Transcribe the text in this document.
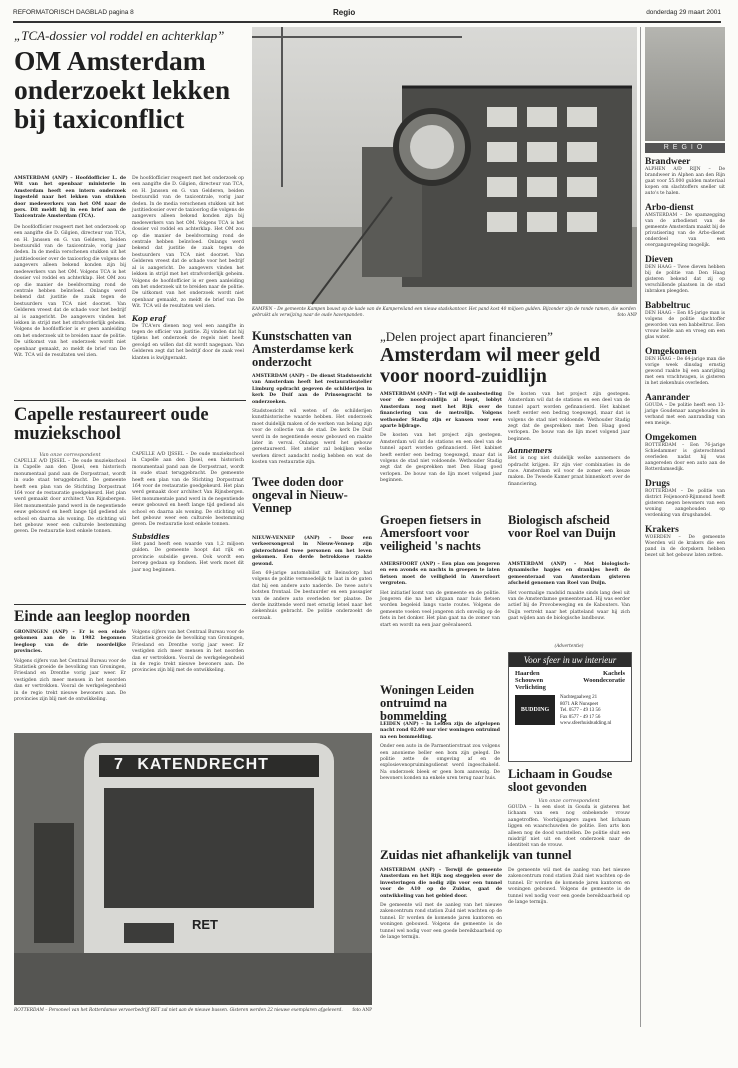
REFORMATORISCH DAGBLAD pagina 8	Regio	donderdag 29 maart 2001
„TCA-dossier vol roddel en achterklap”
OM Amsterdam onderzoekt lekken bij taxiconflict
AMSTERDAM (ANP) – Hoofdofficier L. de Wit van het openbaar ministerie in Amsterdam heeft een intern onderzoek ingesteld naar het lekken van stukken door medewerkers van het OM naar de pers. Dit meldt hij in een brief aan de Taxicentrale Amsterdam (TCA).
De hoofdofficier reageert met het onderzoek op een aangifte die D. Gilgien, directeur van TCA, en H. Janssen en G. van Gelderen, beiden bestuurslid van de taxicentrale, vorig jaar deden. In de media verschenen stukken uit het justitiedossier over de taxioorlog die volgens de aangevers alleen bekend konden zijn bij medewerkers van het OM. Volgens TCA is het dossier vol roddel en achterklap. Het OM zou op die manier de beeldvorming rond de centrale hebben beïnvloed. Onlangs werd bekend dat justitie de zaak tegen de bestuurders van TCA niet doorzet. Van Gelderen vreest dat de schade voor het bedrijf al is aangericht. De aangevers vinden het lekken in strijd met het strafvorderlijk geheim. Volgens de hoofdofficier is er geen aanleiding om het onderzoek uit te breiden naar de politie. De uitkomst van het onderzoek wordt niet openbaar gemaakt, zo meldt de brief van De Wit. TCA wil de resultaten wel zien.
De hoofdofficier reageert met het onderzoek op een aangifte die D. Gilgien, directeur van TCA, en H. Janssen en G. van Gelderen, beiden bestuurslid van de taxicentrale, vorig jaar deden. In de media verschenen stukken uit het justitiedossier over de taxioorlog die volgens de aangevers alleen bekend konden zijn bij medewerkers van het OM. Volgens TCA is het dossier vol roddel en achterklap. Het OM zou op die manier de beeldvorming rond de centrale hebben beïnvloed. Onlangs werd bekend dat justitie de zaak tegen de bestuurders van TCA niet doorzet. Van Gelderen vreest dat de schade voor het bedrijf al is aangericht. De aangevers vinden het lekken in strijd met het strafvorderlijk geheim. Volgens de hoofdofficier is er geen aanleiding om het onderzoek uit te breiden naar de politie. De uitkomst van het onderzoek wordt niet openbaar gemaakt, zo meldt de brief van De Wit. TCA wil de resultaten wel zien.
Kop eraf
De TCA'ers dienen nog wel een aangifte in tegen de officier van justitie. Zij vinden dat hij tijdens het onderzoek de regels niet heeft gevolgd en willen dat dit wordt nagegaan. Van Gelderen zegt dat het bedrijf door de zaak veel klanten is kwijtgeraakt.
KAMPEN – De gemeente Kampen bouwt op de kade van de Kampereiland een nieuw stadskantoor. Het pand kost 40 miljoen gulden. Bijzonder zijn de ronde ramen, die worden gebruikt als verwijzing naar de oude havenpanden.	foto ANP
Kunstschatten van Amsterdamse kerk onderzocht
AMSTERDAM (ANP) – De dienst Stadstoezicht van Amsterdam heeft het restauratieatelier Limburg opdracht gegeven de schilderijen in kerk De Duif aan de Prinsengracht te onderzoeken.
Stadstoezicht wil weten of de schilderijen kunsthistorische waarde hebben. Het onderzoek moet duidelijk maken of de werken van belang zijn voor de collectie van de stad. De kerk De Duif werd in de negentiende eeuw gebouwd en raakte later in verval. Onlangs werd het gebouw gerestaureerd. Het atelier zal bekijken welke werken direct aandacht nodig hebben en wat de kosten van restauratie zijn.
Capelle restaureert oude muziekschool
Van onze correspondent
CAPELLE A/D IJSSEL – De oude muziekschool in Capelle aan den IJssel, een historisch monumentaal pand aan de Dorpsstraat, wordt in oude staat teruggebracht. De gemeente heeft een plan van de Stichting Dorpsstraat 164 voor de restauratie goedgekeurd. Het plan werd gemaakt door architect Van Rijnsbergen. Het monumentale pand werd in de negentiende eeuw gebouwd en heeft lange tijd gediend als school en daarna als woning. De stichting wil het gebouw weer een culturele bestemming geven. De restauratie kost enkele tonnen.
CAPELLE A/D IJSSEL – De oude muziekschool in Capelle aan den IJssel, een historisch monumentaal pand aan de Dorpsstraat, wordt in oude staat teruggebracht. De gemeente heeft een plan van de Stichting Dorpsstraat 164 voor de restauratie goedgekeurd. Het plan werd gemaakt door architect Van Rijnsbergen. Het monumentale pand werd in de negentiende eeuw gebouwd en heeft lange tijd gediend als school en daarna als woning. De stichting wil het gebouw weer een culturele bestemming geven. De restauratie kost enkele tonnen.
Subsidies
Het pand heeft een waarde van 1,2 miljoen gulden. De gemeente hoopt dat rijk en provincie subsidie geven. Ook wordt een beroep gedaan op fondsen. Het werk moet dit jaar nog beginnen.
Twee doden door ongeval in Nieuw-Vennep
NIEUW-VENNEP (ANP) – Door een verkeersongeval in Nieuw-Vennep zijn gisterochtend twee personen om het leven gekomen. Een derde betrokkene raakte gewond.
Een 69-jarige automobilist uit Beinsdorp had volgens de politie vermoedelijk te laat in de gaten dat hij een andere auto naderde. De twee auto's botsten frontaal. De bestuurder en een passagier van de andere auto overleden ter plaatse. De derde inzittende werd met ernstig letsel naar het ziekenhuis gebracht. De politie onderzoekt de oorzaak.
Einde aan leeglop noorden
GRONINGEN (ANP) – Er is een einde gekomen aan de in 1982 begonnen leegloop van de drie noordelijke provincies.
Volgens cijfers van het Centraal Bureau voor de Statistiek groeide de bevolking van Groningen, Friesland en Drenthe vorig jaar weer. Er vestigden zich meer mensen in het noorden dan er vertrokken. Vooral de werkgelegenheid in de regio trekt nieuwe bewoners aan. De provincies zijn blij met de ontwikkeling.
Volgens cijfers van het Centraal Bureau voor de Statistiek groeide de bevolking van Groningen, Friesland en Drenthe vorig jaar weer. Er vestigden zich meer mensen in het noorden dan er vertrokken. Vooral de werkgelegenheid in de regio trekt nieuwe bewoners aan. De provincies zijn blij met de ontwikkeling.
7 KATENDRECHT
RET
ROTTERDAM – Personeel van het Rotterdamse vervoerbedrijf RET zal niet aan de nieuwe bussen. Gisteren werden 22 nieuwe exemplaren afgeleverd. foto ANP
„Delen project apart financieren”
Amsterdam wil meer geld voor noord-zuidlijn
AMSTERDAM (ANP) – Tot wijl de aanbesteding voor de noord-zuidlijn al loopt, lobbyt Amsterdam nog met het Rijk over de financiering van de metrolijn. Volgens wethouder Stadig zijn er kansen voor een aparte bijdrage.
De kosten van het project zijn gestegen. Amsterdam wil dat de stations en een deel van de tunnel apart worden gefinancierd. Het kabinet heeft eerder een bedrag toegezegd, maar dat is volgens de stad niet voldoende. Wethouder Stadig zegt dat de gesprekken met Den Haag goed verlopen. De bouw van de lijn moet volgend jaar beginnen.
De kosten van het project zijn gestegen. Amsterdam wil dat de stations en een deel van de tunnel apart worden gefinancierd. Het kabinet heeft eerder een bedrag toegezegd, maar dat is volgens de stad niet voldoende. Wethouder Stadig zegt dat de gesprekken met Den Haag goed verlopen. De bouw van de lijn moet volgend jaar beginnen.
Aannemers
Het is nog niet duidelijk welke aannemers de opdracht krijgen. Er zijn vier combinaties in de race. Amsterdam wil voor de zomer een keuze maken. De Tweede Kamer praat binnenkort over de financiering.
Groepen fietsers in Amersfoort voor veiligheid 's nachts
AMERSFOORT (ANP) – Een plan om jongeren en een avonds en nachts in groepen te laten fietsen moet de veiligheid in Amersfoort vergroten.
Het initiatief komt van de gemeente en de politie. Jongeren die na het uitgaan naar huis fietsen worden begeleid langs vaste routes. Volgens de gemeente voelen veel jongeren zich onveilig op de fiets in het donker. Het plan gaat na de zomer van start en wordt na een jaar geëvalueerd.
Biologisch afscheid voor Roel van Duijn
AMSTERDAM (ANP) – Met biologisch-dynamische hapjes en drankjes heeft de gemeenteraad van Amsterdam gisteren afscheid genomen van Roel van Duijn.
Het voormalige raadslid maakte sinds lang deel uit van de Amsterdamse gemeenteraad. Hij was eerder actief bij de Provobeweging en de Kabouters. Van Duijn vertrekt naar het platteland waar hij zich gaat wijden aan de biologische landbouw.
(Advertentie)
Voor sfeer in uw interieur
Haarden
Schouwen
Verlichting
Kachels
Woondecoratie
BUDDING
Nachtegaalweg 21
8071 AR Nunspeet
Tel. 0577 - 49 13 56
Fax 0577 - 49 17 56
www.sfeerhuisbudding.nl
Woningen Leiden ontruimd na bommelding
LEIDEN (ANP) – In Leiden zijn de afgelopen nacht rond 02.00 uur vier woningen ontruimd na een bommelding.
Onder een auto in de Parmentierstraat zou volgens een anonieme beller een bom zijn gelegd. De politie zette de omgeving af en de explosievenopruimingsdienst werd ingeschakeld. Na onderzoek bleek er geen bom aanwezig. De bewoners konden na enkele uren terug naar huis.
Zuidas niet afhankelijk van tunnel
AMSTERDAM (ANP) – Terwijl de gemeente Amsterdam en het Rijk nog steggelen over de investeringen die nodig zijn voor een tunnel voor de A10 op de Zuidas, gaat de ontwikkeling van het gebied door.
De gemeente wil met de aanleg van het nieuwe zakencentrum rond station Zuid niet wachten op de tunnel. Er worden de komende jaren kantoren en woningen gebouwd. Volgens de gemeente is de tunnel wel nodig voor een goede bereikbaarheid op de lange termijn.
De gemeente wil met de aanleg van het nieuwe zakencentrum rond station Zuid niet wachten op de tunnel. Er worden de komende jaren kantoren en woningen gebouwd. Volgens de gemeente is de tunnel wel nodig voor een goede bereikbaarheid op de lange termijn.
Lichaam in Goudse sloot gevonden
Van onze correspondent
GOUDA – In een sloot in Gouda is gisteren het lichaam van een nog onbekende vrouw aangetroffen. Voorbijgangers zagen het lichaam liggen en waarschuwden de politie. Een arts kon alleen nog de dood vaststellen. De politie sluit een misdrijf niet uit en doet onderzoek naar de identiteit van de vrouw.
REGIO
Brandweer
ALPHEN A/D RIJN – De brandweer in Alphen aan den Rijn gaat voor 55.000 gulden materiaal kopen om slachtoffers sneller uit auto's te halen.
Arbo-dienst
AMSTERDAM – De spamzegging van de arbodienst van de gemeente Amsterdam maakt bij de privatisering van de Arbo-dienst onderdeel van een overgangsregeling mogelijk.
Dieven
DEN HAAG – Twee dieven hebben bij de politie van Den Haag gisteren bekend dat zij op verschillende plaatsen in de stad inbraken pleegden.
Babbeltruc
DEN HAAG – Een 85-jarige man is volgens de politie slachtoffer geworden van een babbeltruc. Een vrouw belde aan en vroeg om een glas water.
Omgekomen
DEN HAAG – De 64-jarige man die vorige week dinsdag ernstig gewond raakte bij een aanrijding met een vrachtwagen, is gisteren in het ziekenhuis overleden.
Aanrander
GOUDA – De politie heeft een 13-jarige Goudenaar aangehouden in verband met een aanranding van een meisje.
Omgekomen
ROTTERDAM – Een 76-jarige Schiedammer is gisterochtend overleden nadat hij was aangereden door een auto aan de Rotterdamsedijk.
Drugs
ROTTERDAM – De politie van district Feijenoord-Rijnmond heeft gisteren negen bewoners van een woning aangehouden op verdenking van drugshandel.
Krakers
WOERDEN – De gemeente Woerden wil de krakers die een pand in de dorpskern hebben bezet uit het gebouw laten zetten.
